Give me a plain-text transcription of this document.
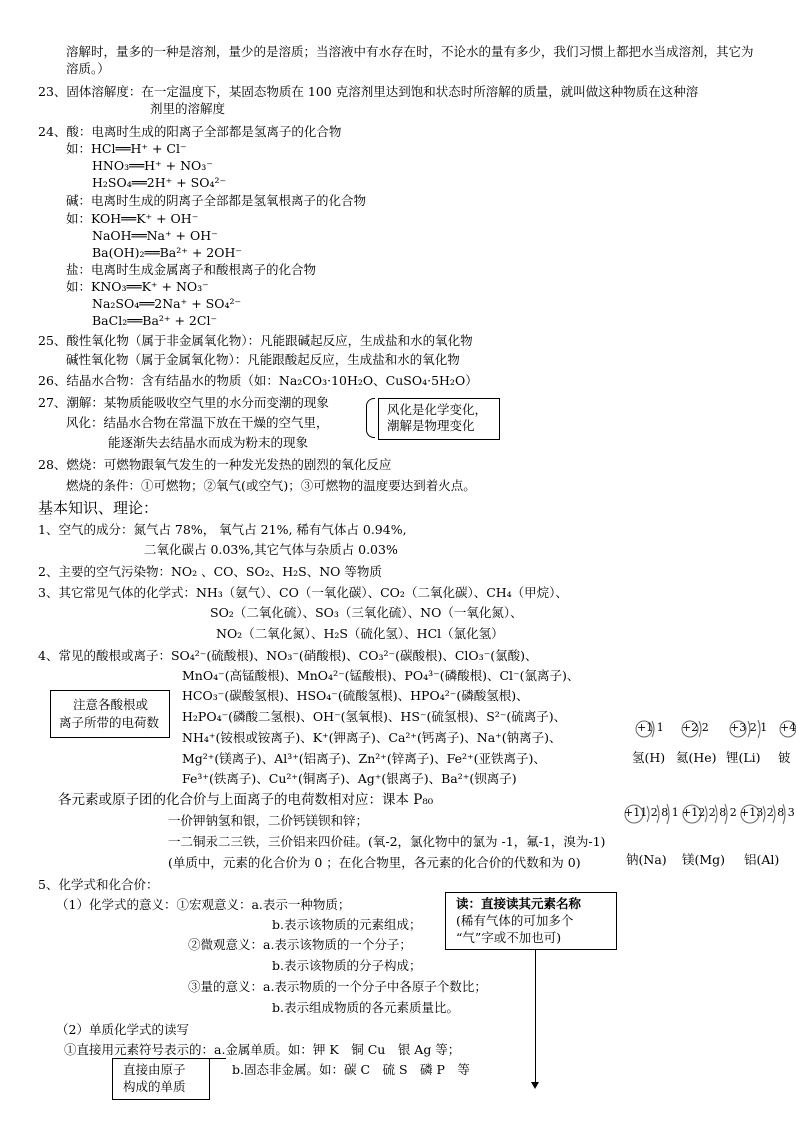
溶解时，量多的一种是溶剂，量少的是溶质；当溶液中有水存在时，不论水的量有多少，我们习惯上都把水当成溶剂，其它为
溶质。）
23、固体溶解度：在一定温度下，某固态物质在 100 克溶剂里达到饱和状态时所溶解的质量，就叫做这种物质在这种溶
剂里的溶解度
24、酸：电离时生成的阳离子全部都是氢离子的化合物
如：HCl══H⁺ + Cl⁻
HNO₃══H⁺ + NO₃⁻
H₂SO₄══2H⁺ + SO₄²⁻
碱：电离时生成的阴离子全部都是氢氧根离子的化合物
如：KOH══K⁺ + OH⁻
NaOH══Na⁺ + OH⁻
Ba(OH)₂══Ba²⁺ + 2OH⁻
盐：电离时生成金属离子和酸根离子的化合物
如：KNO₃══K⁺ + NO₃⁻
Na₂SO₄══2Na⁺ + SO₄²⁻
BaCl₂══Ba²⁺ + 2Cl⁻
25、酸性氧化物（属于非金属氧化物）：凡能跟碱起反应，生成盐和水的氧化物
碱性氧化物（属于金属氧化物）：凡能跟酸起反应，生成盐和水的氧化物
26、结晶水合物：含有结晶水的物质（如：Na₂CO₃·10H₂O、CuSO₄·5H₂O）
27、潮解：某物质能吸收空气里的水分而变潮的现象
风化：结晶水合物在常温下放在干燥的空气里，
能逐渐失去结晶水而成为粉末的现象
28、燃烧：可燃物跟氧气发生的一种发光发热的剧烈的氧化反应
燃烧的条件：①可燃物；②氧气(或空气)；③可燃物的温度要达到着火点。
基本知识、理论：
1、空气的成分：氮气占 78%， 氧气占 21%, 稀有气体占 0.94%,
二氧化碳占 0.03%,其它气体与杂质占 0.03%
2、主要的空气污染物：NO₂ 、CO、SO₂、H₂S、NO 等物质
3、其它常见气体的化学式：NH₃（氨气）、CO（一氧化碳）、CO₂（二氧化碳）、CH₄（甲烷）、
SO₂（二氧化硫）、SO₃（三氧化硫）、NO（一氧化氮）、
NO₂（二氧化氮）、H₂S（硫化氢）、HCl（氯化氢）
4、常见的酸根或离子：SO₄²⁻(硫酸根)、NO₃⁻(硝酸根)、CO₃²⁻(碳酸根)、ClO₃⁻(氯酸)、
MnO₄⁻(高锰酸根)、MnO₄²⁻(锰酸根)、PO₄³⁻(磷酸根)、Cl⁻(氯离子)、
HCO₃⁻(碳酸氢根)、HSO₄⁻(硫酸氢根)、HPO₄²⁻(磷酸氢根)、
H₂PO₄⁻(磷酸二氢根)、OH⁻(氢氧根)、HS⁻(硫氢根)、S²⁻(硫离子)、
NH₄⁺(铵根或铵离子)、K⁺(钾离子)、Ca²⁺(钙离子)、Na⁺(钠离子)、
Mg²⁺(镁离子)、Al³⁺(铝离子)、Zn²⁺(锌离子)、Fe²⁺(亚铁离子)、
Fe³⁺(铁离子)、Cu²⁺(铜离子)、Ag⁺(银离子)、Ba²⁺(钡离子)
各元素或原子团的化合价与上面离子的电荷数相对应：课本 P₈₀
一价钾钠氢和银，二价钙镁钡和锌；
一二铜汞二三铁，三价铝来四价硅。(氧-2，氯化物中的氯为 -1，氟-1，溴为-1)
(单质中，元素的化合价为 0 ；在化合物里，各元素的化合价的代数和为 0)
5、化学式和化合价：
（1）化学式的意义：①宏观意义：a.表示一种物质；
b.表示该物质的元素组成；
②微观意义：a.表示该物质的一个分子；
b.表示该物质的分子构成；
③量的意义：a.表示物质的一个分子中各原子个数比；
b.表示组成物质的各元素质量比。
（2）单质化学式的读写
①直接用元素符号表示的：a.金属单质。如：钾 K　铜 Cu　银 Ag 等；
b.固态非金属。如：碳 C　硫 S　磷 P　等
风化是化学变化，
潮解是物理变化
注意各酸根或
离子所带的电荷数
读：直接读其元素名称
(稀有气体的可加多个
“气”字或不加也可)
直接由原子
构成的单质
+1 1
氢(H)
+2 2
氦(He)
+3 2 1
锂(Li)
+4
铍
+11 2 8 1
钠(Na)
+12 2 8 2
镁(Mg)
+13 2 8 3
铝(Al)
